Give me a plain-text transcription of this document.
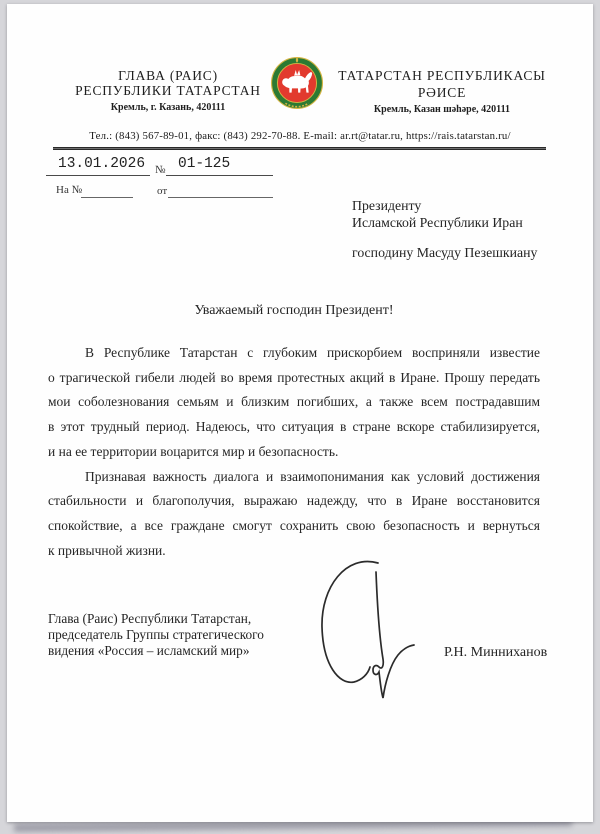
ГЛАВА (РАИС)
РЕСПУБЛИКИ ТАТАРСТАН
Кремль, г. Казань, 420111
ТАТАРСТАН РЕСПУБЛИКАСЫ
РӘИСЕ
Кремль, Казан шәһәре, 420111
Тел.: (843) 567-89-01, факс: (843) 292-70-88. E-mail: ar.rt@tatar.ru, https://rais.tatarstan.ru/
13.01.2026 № 01-125
На №	от
Президенту
Исламской Республики Иран
господину Масуду Пезешкиану
Уважаемый господин Президент!
В Республике Татарстан с глубоким прискорбием восприняли известие
о трагической гибели людей во время протестных акций в Иране. Прошу передать
мои соболезнования семьям и близким погибших, а также всем пострадавшим
в этот трудный период. Надеюсь, что ситуация в стране вскоре стабилизируется,
и на ее территории воцарится мир и безопасность.
Признавая важность диалога и взаимопонимания как условий достижения
стабильности и благополучия, выражаю надежду, что в Иране восстановится
спокойствие, а все граждане смогут сохранить свою безопасность и вернуться
к привычной жизни.
Глава (Раис) Республики Татарстан,
председатель Группы стратегического
видения «Россия – исламский мир»	Р.Н. Минниханов
